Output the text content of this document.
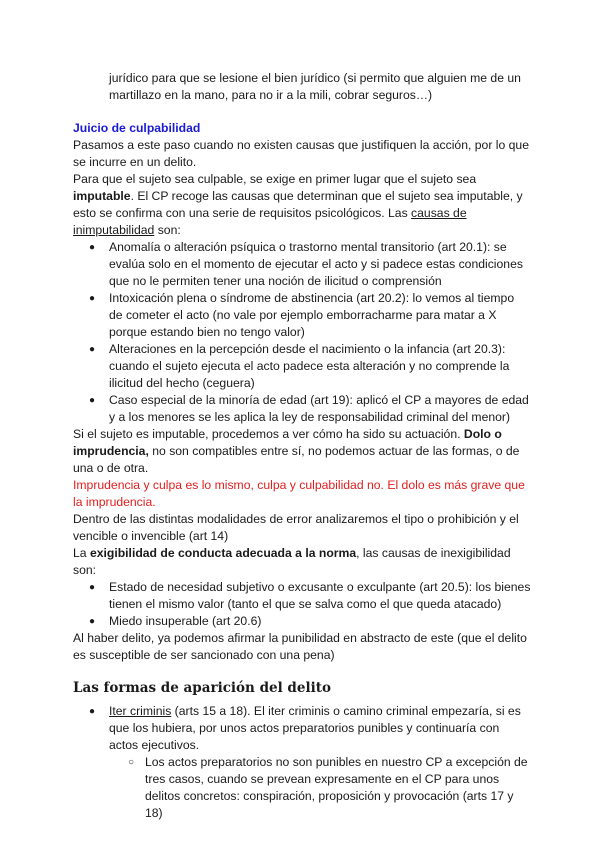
jurídico para que se lesione el bien jurídico (si permito que alguien me de un
martillazo en la mano, para no ir a la mili, cobrar seguros…)
Juicio de culpabilidad
Pasamos a este paso cuando no existen causas que justifiquen la acción, por lo que
se incurre en un delito.
Para que el sujeto sea culpable, se exige en primer lugar que el sujeto sea
imputable. El CP recoge las causas que determinan que el sujeto sea imputable, y
esto se confirma con una serie de requisitos psicológicos. Las causas de
inimputabilidad son:
● Anomalía o alteración psíquica o trastorno mental transitorio (art 20.1): se
evalúa solo en el momento de ejecutar el acto y si padece estas condiciones
que no le permiten tener una noción de ilicitud o comprensión
● Intoxicación plena o síndrome de abstinencia (art 20.2): lo vemos al tiempo
de cometer el acto (no vale por ejemplo emborracharme para matar a X
porque estando bien no tengo valor)
● Alteraciones en la percepción desde el nacimiento o la infancia (art 20.3):
cuando el sujeto ejecuta el acto padece esta alteración y no comprende la
ilicitud del hecho (ceguera)
● Caso especial de la minoría de edad (art 19): aplicó el CP a mayores de edad
y a los menores se les aplica la ley de responsabilidad criminal del menor)
Si el sujeto es imputable, procedemos a ver cómo ha sido su actuación. Dolo o
imprudencia, no son compatibles entre sí, no podemos actuar de las formas, o de
una o de otra.
Imprudencia y culpa es lo mismo, culpa y culpabilidad no. El dolo es más grave que
la imprudencia.
Dentro de las distintas modalidades de error analizaremos el tipo o prohibición y el
vencible o invencible (art 14)
La exigibilidad de conducta adecuada a la norma, las causas de inexigibilidad
son:
● Estado de necesidad subjetivo o excusante o exculpante (art 20.5): los bienes
tienen el mismo valor (tanto el que se salva como el que queda atacado)
● Miedo insuperable (art 20.6)
Al haber delito, ya podemos afirmar la punibilidad en abstracto de este (que el delito
es susceptible de ser sancionado con una pena)
Las formas de aparición del delito
● Iter criminis (arts 15 a 18). El iter criminis o camino criminal empezaría, si es
que los hubiera, por unos actos preparatorios punibles y continuaría con
actos ejecutivos.
○ Los actos preparatorios no son punibles en nuestro CP a excepción de
tres casos, cuando se prevean expresamente en el CP para unos
delitos concretos: conspiración, proposición y provocación (arts 17 y
18)
